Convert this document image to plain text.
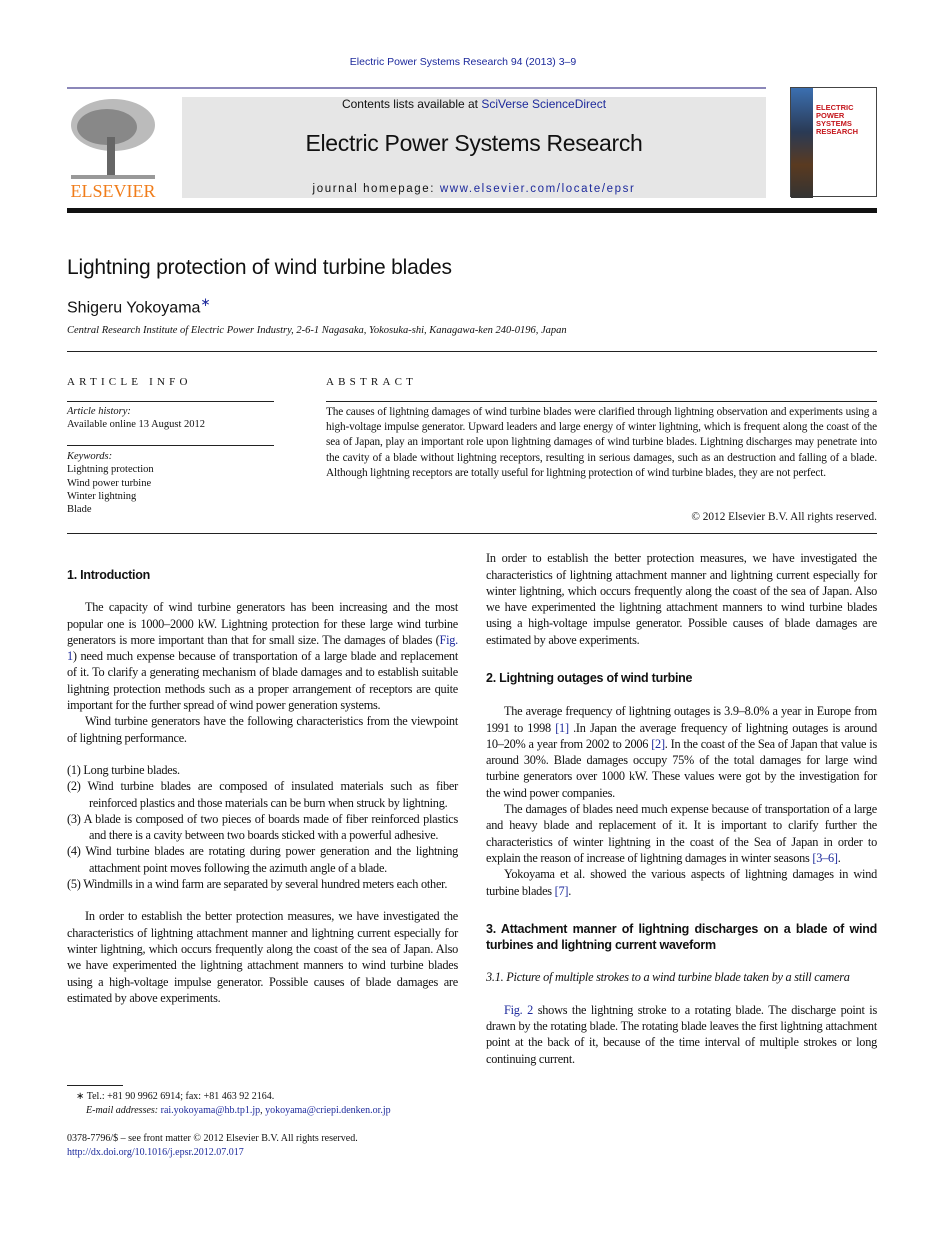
Electric Power Systems Research 94 (2013) 3–9
ELSEVIER
Contents lists available at SciVerse ScienceDirect
Electric Power Systems Research
journal homepage: www.elsevier.com/locate/epsr
ELECTRIC POWER SYSTEMS RESEARCH
Lightning protection of wind turbine blades
Shigeru Yokoyama∗
Central Research Institute of Electric Power Industry, 2-6-1 Nagasaka, Yokosuka-shi, Kanagawa-ken 240-0196, Japan
ARTICLE INFO
Article history:
Available online 13 August 2012
Keywords:
Lightning protection
Wind power turbine
Winter lightning
Blade
ABSTRACT
The causes of lightning damages of wind turbine blades were clarified through lightning observation and experiments using a high-voltage impulse generator. Upward leaders and large energy of winter lightning, which is frequent along the coast of the sea of Japan, play an important role upon lightning damages of wind turbine blades. Lightning discharges may penetrate into the cavity of a blade without lightning receptors, resulting in serious damages, such as an destruction and falling of a blade. Although lightning receptors are totally useful for lightning protection of wind turbine blades, they are not perfect.
© 2012 Elsevier B.V. All rights reserved.
1. Introduction

The capacity of wind turbine generators has been increasing and the most popular one is 1000–2000 kW. Lightning protection for these large wind turbine generators is more important than that for small size. The damages of blades (Fig. 1) need much expense because of transportation of a large blade and replacement of it. To clarify a generating mechanism of blade damages and to establish suitable lightning protection methods such as a proper arrangement of receptors are quite important for the further spread of wind power generation systems.

Wind turbine generators have the following characteristics from the viewpoint of lightning performance.

(1) Long turbine blades.
(2) Wind turbine blades are composed of insulated materials such as fiber reinforced plastics and those materials can be burn when struck by lightning.
(3) A blade is composed of two pieces of boards made of fiber reinforced plastics and there is a cavity between two boards sticked with a powerful adhesive.
(4) Wind turbine blades are rotating during power generation and the lightning attachment point moves following the azimuth angle of a blade.
(5) Windmills in a wind farm are separated by several hundred meters each other.

In order to establish the better protection measures, we have investigated the characteristics of lightning attachment manner and lightning current especially for winter lightning, which occurs frequently along the coast of the sea of Japan. Also we have experimented the lightning attachment manners to wind turbine blades using a high-voltage impulse generator. Possible causes of blade damages are estimated by above experiments.

In order to establish the better protection measures, we have investigated the characteristics of lightning attachment manner and lightning current especially for winter lightning, which occurs frequently along the coast of the sea of Japan. Also we have experimented the lightning attachment manners to wind turbine blades using a high-voltage impulse generator. Possible causes of blade damages are estimated by above experiments.

2. Lightning outages of wind turbine

The average frequency of lightning outages is 3.9–8.0% a year in Europe from 1991 to 1998 [1] .In Japan the average frequency of lightning outages is around 10–20% a year from 2002 to 2006 [2]. In the coast of the Sea of Japan that value is around 30%. Blade damages occupy 75% of the total damages for large wind turbine generators over 1000 kW. These values were got by the investigation for the wind power companies.

The damages of blades need much expense because of transportation of a large and heavy blade and replacement of it. It is important to clarify further the characteristics of winter lightning in the coast of the Sea of Japan in order to explain the reason of increase of lightning damages in winter seasons [3–6].

Yokoyama et al. showed the various aspects of lightning damages in wind turbine blades [7].

3. Attachment manner of lightning discharges on a blade of wind turbines and lightning current waveform
3.1. Picture of multiple strokes to a wind turbine blade taken by a still camera

Fig. 2 shows the lightning stroke to a rotating blade. The discharge point is drawn by the rotating blade. The rotating blade leaves the first lightning attachment point at the back of it, because of the time interval of multiple strokes or long continuing current.

∗ Tel.: +81 90 9962 6914; fax: +81 463 92 2164.
E-mail addresses: rai.yokoyama@hb.tp1.jp, yokoyama@criepi.denken.or.jp
0378-7796/$ – see front matter © 2012 Elsevier B.V. All rights reserved.
http://dx.doi.org/10.1016/j.epsr.2012.07.017
